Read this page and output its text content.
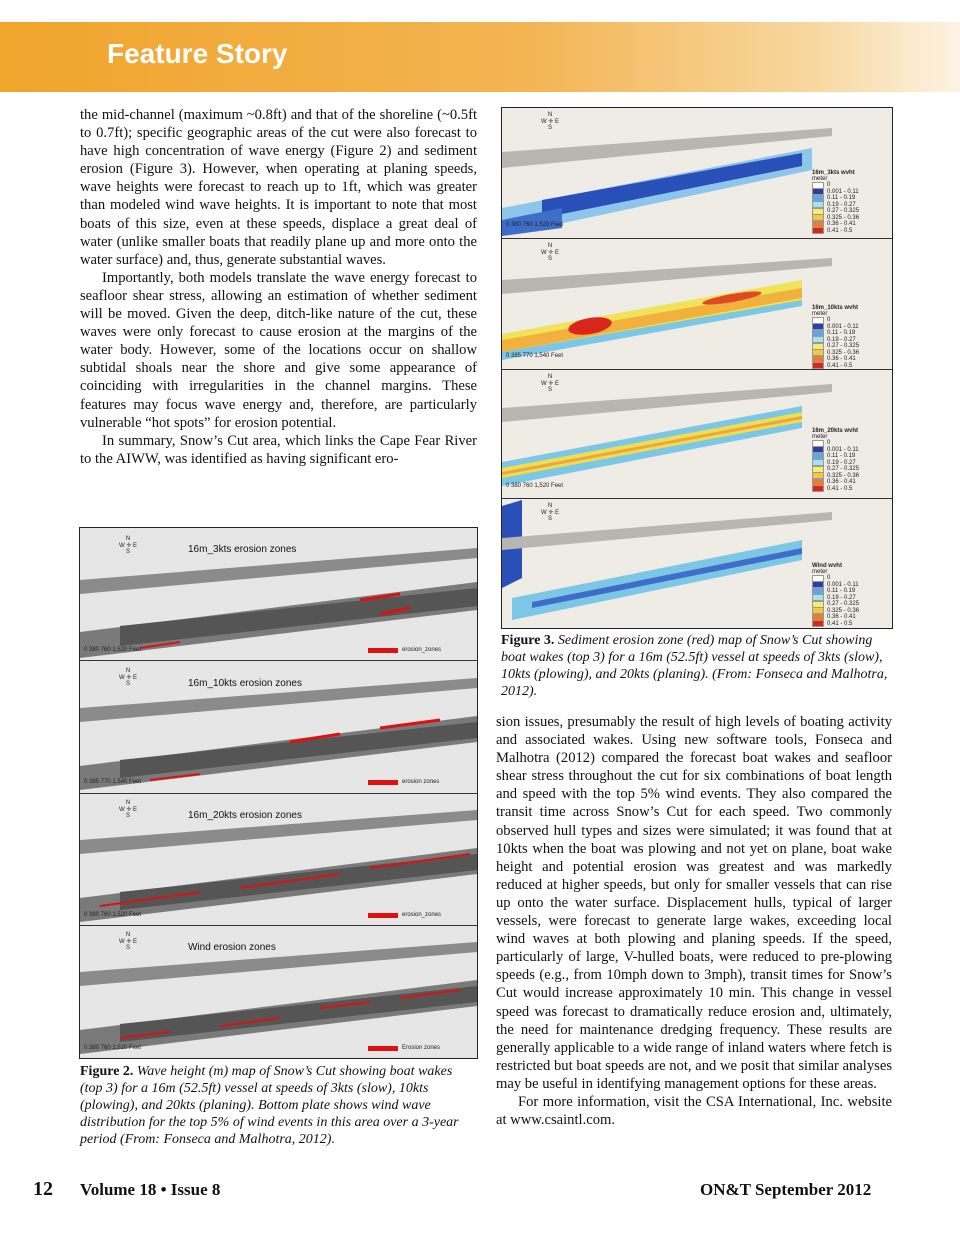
Feature Story

the mid-channel (maximum ~0.8ft) and that of the shoreline (~0.5ft to 0.7ft); specific geographic areas of the cut were also forecast to have high concentration of wave energy (Figure 2) and sediment erosion (Figure 3). However, when operating at planing speeds, wave heights were forecast to reach up to 1ft, which was greater than modeled wind wave heights. It is important to note that most boats of this size, even at these speeds, displace a great deal of water (unlike smaller boats that readily plane up and more onto the water surface) and, thus, generate substantial waves.

Importantly, both models translate the wave energy forecast to seafloor shear stress, allowing an estimation of whether sediment will be moved. Given the deep, ditch-like nature of the cut, these waves were only forecast to cause erosion at the margins of the water body. However, some of the locations occur on shallow subtidal shoals near the shore and give some appearance of coinciding with irregularities in the channel margins. These features may focus wave energy and, therefore, are particularly vulnerable “hot spots” for erosion potential.

In summary, Snow’s Cut area, which links the Cape Fear River to the AIWW, was identified as having significant ero-

N
W ✛ E
S
N
W ✛ E
S
N
W ✛ E
S
N
W ✛ E
S
16m_3kts wvht
meter
0
0.001 - 0.11
0.11 - 0.19
0.19 - 0.27
0.27 - 0.325
0.325 - 0.36
0.36 - 0.41
0.41 - 0.5
16m_10kts wvht
meter
0
0.001 - 0.11
0.11 - 0.19
0.19 - 0.27
0.27 - 0.325
0.325 - 0.36
0.36 - 0.41
0.41 - 0.5
16m_20kts wvht
meter
0
0.001 - 0.11
0.11 - 0.19
0.19 - 0.27
0.27 - 0.325
0.325 - 0.36
0.36 - 0.41
0.41 - 0.5
Wind wvht
meter
0
0.001 - 0.11
0.11 - 0.19
0.19 - 0.27
0.27 - 0.325
0.325 - 0.36
0.36 - 0.41
0.41 - 0.5
0 380 760 1,520 Feet
0 385 770 1,540 Feet
0 380 760 1,520 Feet
Figure 3. Sediment erosion zone (red) map of Snow’s Cut showing boat wakes (top 3) for a 16m (52.5ft) vessel at speeds of 3kts (slow), 10kts (plowing), and 20kts (planing). (From: Fonseca and Malhotra, 2012).
N
W ✛ E
S
N
W ✛ E
S
N
W ✛ E
S
N
W ✛ E
S
16m_3kts erosion zones
16m_10kts erosion zones
16m_20kts erosion zones
Wind erosion zones
erosion_zones
erosion zones
erosion_zones
Erosion zones
0 380 760 1,520 Feet
0 385 770 1,540 Feet
0 380 760 1,520 Feet
0 380 760 1,520 Feet
Figure 2. Wave height (m) map of Snow’s Cut showing boat wakes (top 3) for a 16m (52.5ft) vessel at speeds of 3kts (slow), 10kts (plowing), and 20kts (planing). Bottom plate shows wind wave distribution for the top 5% of wind events in this area over a 3-year period (From: Fonseca and Malhotra, 2012).

sion issues, presumably the result of high levels of boating activity and associated wakes. Using new software tools, Fonseca and Malhotra (2012) compared the forecast boat wakes and seafloor shear stress throughout the cut for six combinations of boat length and speed with the top 5% wind events. They also compared the transit time across Snow’s Cut for each speed. Two commonly observed hull types and sizes were simulated; it was found that at 10kts when the boat was plowing and not yet on plane, boat wake height and potential erosion was greatest and was markedly reduced at higher speeds, but only for smaller vessels that can rise up onto the water surface. Displacement hulls, typical of larger vessels, were forecast to generate large wakes, exceeding local wind waves at both plowing and planing speeds. If the speed, particularly of large, V-hulled boats, were reduced to pre-plowing speeds (e.g., from 10mph down to 3mph), transit times for Snow’s Cut would increase approximately 10 min. This change in vessel speed was forecast to dramatically reduce erosion and, ultimately, the need for maintenance dredging frequency. These results are generally applicable to a wide range of inland waters where fetch is restricted but boat speeds are not, and we posit that similar analyses may be useful in identifying management options for these areas.

For more information, visit the CSA International, Inc. website at www.csaintl.com.

12 Volume 18 • Issue 8	ON&T September 2012
